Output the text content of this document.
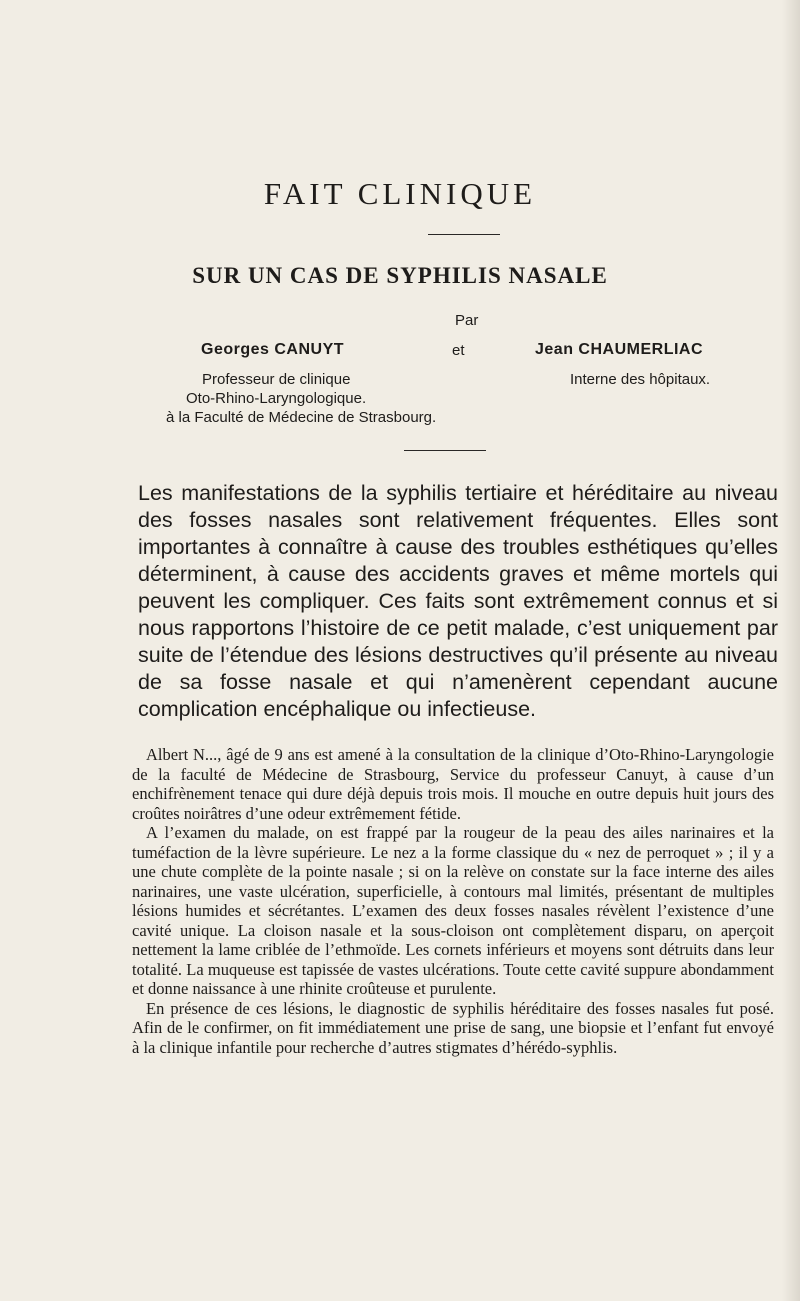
FAIT CLINIQUE
SUR UN CAS DE SYPHILIS NASALE
Par
Georges CANUYT	et	Jean CHAUMERLIAC
Professeur de clinique
Oto-Rhino-Laryngologique.
à la Faculté de Médecine de Strasbourg.
Interne des hôpitaux.

Les manifestations de la syphilis tertiaire et héréditaire au niveau des fosses nasales sont relativement fréquentes. Elles sont importantes à connaître à cause des troubles esthétiques qu’elles déterminent, à cause des accidents graves et même mortels qui peuvent les compliquer. Ces faits sont extrêmement connus et si nous rapportons l’histoire de ce petit malade, c’est uniquement par suite de l’étendue des lésions destructives qu’il présente au niveau de sa fosse nasale et qui n’amenèrent cependant aucune complication encéphalique ou infectieuse.

Albert N..., âgé de 9 ans est amené à la consultation de la clinique d’Oto-Rhino-Laryngologie de la faculté de Médecine de Strasbourg, Service du professeur Canuyt, à cause d’un enchifrènement tenace qui dure déjà depuis trois mois. Il mouche en outre depuis huit jours des croûtes noirâtres d’une odeur extrêmement fétide.

A l’examen du malade, on est frappé par la rougeur de la peau des ailes narinaires et la tuméfaction de la lèvre supérieure. Le nez a la forme classique du « nez de perroquet » ; il y a une chute complète de la pointe nasale ; si on la relève on constate sur la face interne des ailes narinaires, une vaste ulcération, superficielle, à contours mal limités, présentant de multiples lésions humides et sécrétantes. L’examen des deux fosses nasales révèlent l’existence d’une cavité unique. La cloison nasale et la sous-cloison ont complètement disparu, on aperçoit nettement la lame criblée de l’ethmoïde. Les cornets inférieurs et moyens sont détruits dans leur totalité. La muqueuse est tapissée de vastes ulcérations. Toute cette cavité suppure abondamment et donne naissance à une rhinite croûteuse et purulente.

En présence de ces lésions, le diagnostic de syphilis héréditaire des fosses nasales fut posé. Afin de le confirmer, on fit immédiatement une prise de sang, une biopsie et l’enfant fut envoyé à la clinique infantile pour recherche d’autres stigmates d’hérédo-syphlis.
